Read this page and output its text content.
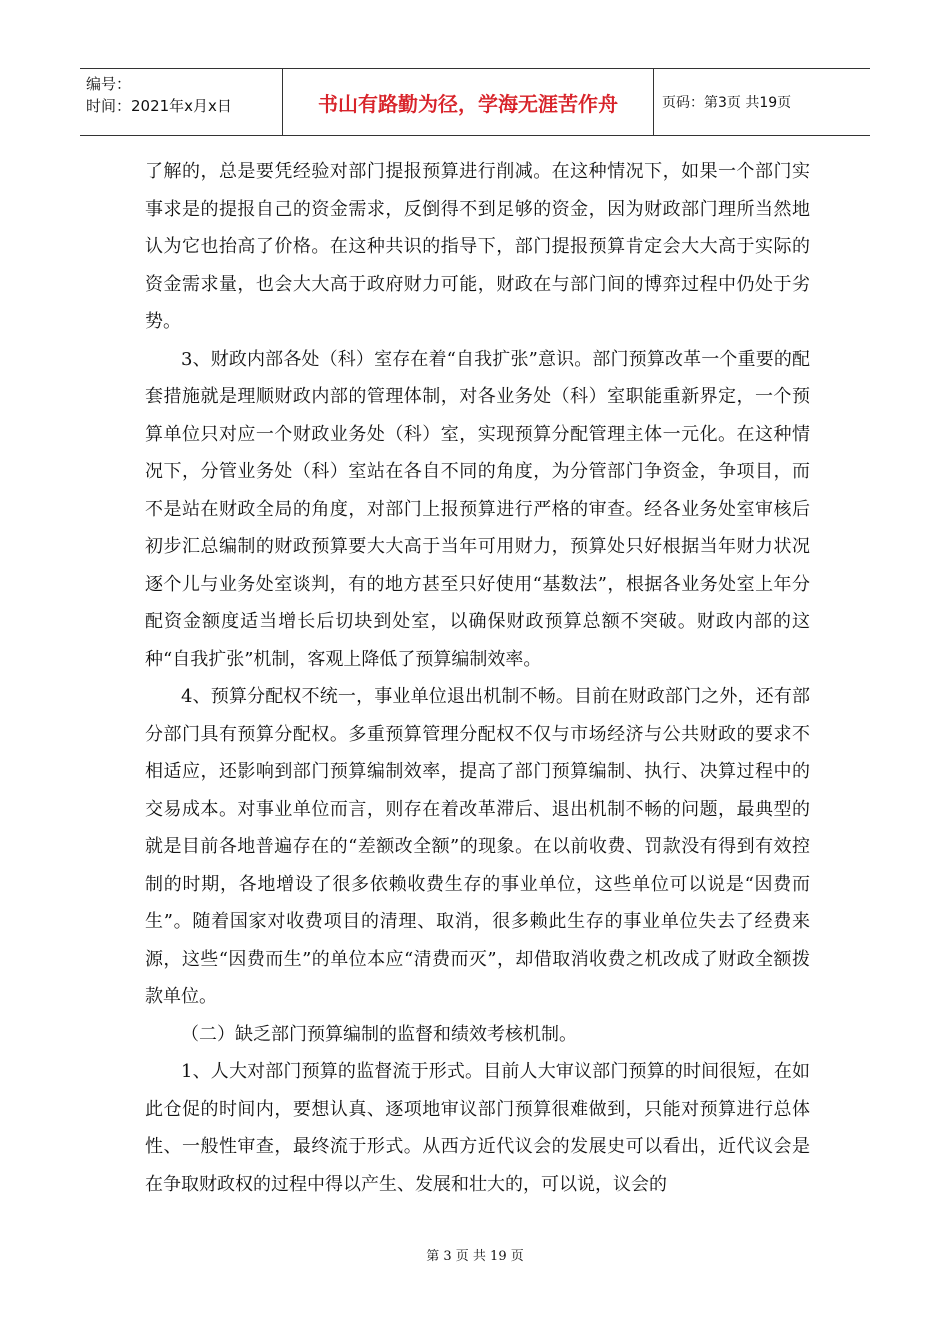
编号：
时间：2021年x月x日	书山有路勤为径，学海无涯苦作舟	页码：第3页 共19页

了解的，总是要凭经验对部门提报预算进行削减。在这种情况下，如果一个部门实事求是的提报自己的资金需求，反倒得不到足够的资金，因为财政部门理所当然地认为它也抬高了价格。在这种共识的指导下，部门提报预算肯定会大大高于实际的资金需求量，也会大大高于政府财力可能，财政在与部门间的博弈过程中仍处于劣势。

3、财政内部各处（科）室存在着“自我扩张”意识。部门预算改革一个重要的配套措施就是理顺财政内部的管理体制，对各业务处（科）室职能重新界定，一个预算单位只对应一个财政业务处（科）室，实现预算分配管理主体一元化。在这种情况下，分管业务处（科）室站在各自不同的角度，为分管部门争资金，争项目，而不是站在财政全局的角度，对部门上报预算进行严格的审查。经各业务处室审核后初步汇总编制的财政预算要大大高于当年可用财力，预算处只好根据当年财力状况逐个儿与业务处室谈判，有的地方甚至只好使用“基数法”，根据各业务处室上年分配资金额度适当增长后切块到处室，以确保财政预算总额不突破。财政内部的这种“自我扩张”机制，客观上降低了预算编制效率。

4、预算分配权不统一，事业单位退出机制不畅。目前在财政部门之外，还有部分部门具有预算分配权。多重预算管理分配权不仅与市场经济与公共财政的要求不相适应，还影响到部门预算编制效率，提高了部门预算编制、执行、决算过程中的交易成本。对事业单位而言，则存在着改革滞后、退出机制不畅的问题，最典型的就是目前各地普遍存在的“差额改全额”的现象。在以前收费、罚款没有得到有效控制的时期，各地增设了很多依赖收费生存的事业单位，这些单位可以说是“因费而生”。随着国家对收费项目的清理、取消，很多赖此生存的事业单位失去了经费来源，这些“因费而生”的单位本应“清费而灭”，却借取消收费之机改成了财政全额拨款单位。

（二）缺乏部门预算编制的监督和绩效考核机制。

1、人大对部门预算的监督流于形式。目前人大审议部门预算的时间很短，在如此仓促的时间内，要想认真、逐项地审议部门预算很难做到，只能对预算进行总体性、一般性审查，最终流于形式。从西方近代议会的发展史可以看出，近代议会是在争取财政权的过程中得以产生、发展和壮大的，可以说，议会的

第 3 页 共 19 页
